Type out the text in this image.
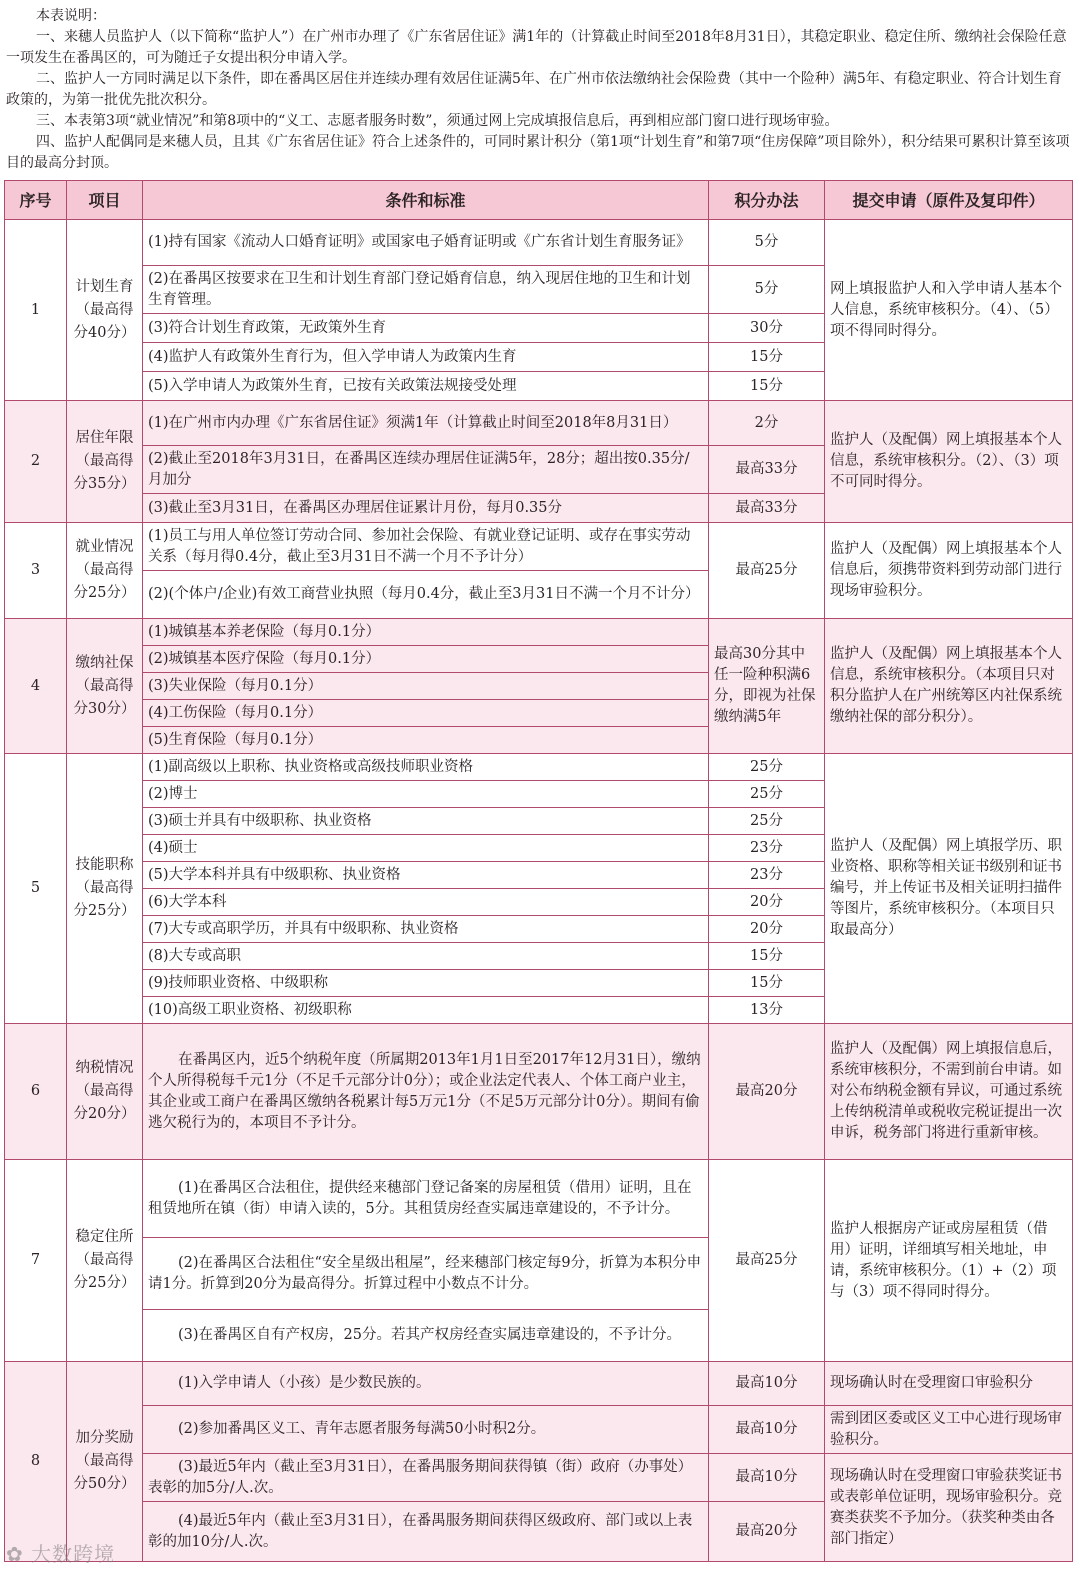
本表说明：

一、来穗人员监护人（以下简称“监护人”）在广州市办理了《广东省居住证》满1年的（计算截止时间至2018年8月31日），其稳定职业、稳定住所、缴纳社会保险任意一项发生在番禺区的，可为随迁子女提出积分申请入学。

二、监护人一方同时满足以下条件，即在番禺区居住并连续办理有效居住证满5年、在广州市依法缴纳社会保险费（其中一个险种）满5年、有稳定职业、符合计划生育政策的，为第一批优先批次积分。

三、本表第3项“就业情况”和第8项中的“义工、志愿者服务时数”，须通过网上完成填报信息后，再到相应部门窗口进行现场审验。

四、监护人配偶同是来穗人员，且其《广东省居住证》符合上述条件的，可同时累计积分（第1项“计划生育”和第7项“住房保障”项目除外），积分结果可累积计算至该项目的最高分封顶。

序号	项目	条件和标准	积分办法	提交申请（原件及复印件）
1	计划生育（最高得分40分）	(1)持有国家《流动人口婚育证明》或国家电子婚育证明或《广东省计划生育服务证》	5分	网上填报监护人和入学申请人基本个人信息，系统审核积分。（4）、（5）项不得同时得分。
		(2)在番禺区按要求在卫生和计划生育部门登记婚育信息，纳入现居住地的卫生和计划生育管理。	5分	
		(3)符合计划生育政策，无政策外生育	30分	
		(4)监护人有政策外生育行为，但入学申请人为政策内生育	15分	
		(5)入学申请人为政策外生育，已按有关政策法规接受处理	15分	
2	居住年限（最高得分35分）	(1)在广州市内办理《广东省居住证》须满1年（计算截止时间至2018年8月31日）	2分	监护人（及配偶）网上填报基本个人信息，系统审核积分。（2）、（3）项不可同时得分。
		(2)截止至2018年3月31日，在番禺区连续办理居住证满5年，28分；超出按0.35分/月加分	最高33分	
		(3)截止至3月31日，在番禺区办理居住证累计月份，每月0.35分	最高33分	
3	就业情况（最高得分25分）	(1)员工与用人单位签订劳动合同、参加社会保险、有就业登记证明、或存在事实劳动关系（每月得0.4分，截止至3月31日不满一个月不予计分）	最高25分	监护人（及配偶）网上填报基本个人信息后，须携带资料到劳动部门进行现场审验积分。
		(2)(个体户/企业)有效工商营业执照（每月0.4分，截止至3月31日不满一个月不计分）		
4	缴纳社保（最高得分30分）	(1)城镇基本养老保险（每月0.1分）	最高30分其中任一险种积满6分，即视为社保缴纳满5年	监护人（及配偶）网上填报基本个人信息，系统审核积分。（本项目只对积分监护人在广州统筹区内社保系统缴纳社保的部分积分）。
		(2)城镇基本医疗保险（每月0.1分）		
		(3)失业保险（每月0.1分）		
		(4)工伤保险（每月0.1分）		
		(5)生育保险（每月0.1分）		
5	技能职称（最高得分25分）	(1)副高级以上职称、执业资格或高级技师职业资格	25分	监护人（及配偶）网上填报学历、职业资格、职称等相关证书级别和证书编号，并上传证书及相关证明扫描件等图片，系统审核积分。（本项目只取最高分）
		(2)博士	25分	
		(3)硕士并具有中级职称、执业资格	25分	
		(4)硕士	23分	
		(5)大学本科并具有中级职称、执业资格	23分	
		(6)大学本科	20分	
		(7)大专或高职学历，并具有中级职称、执业资格	20分	
		(8)大专或高职	15分	
		(9)技师职业资格、中级职称	15分	
		(10)高级工职业资格、初级职称	13分	
6	纳税情况（最高得分20分）	在番禺区内，近5个纳税年度（所属期2013年1月1日至2017年12月31日），缴纳个人所得税每千元1分（不足千元部分计0分）；或企业法定代表人、个体工商户业主，其企业或工商户在番禺区缴纳各税累计每5万元1分（不足5万元部分计0分）。期间有偷逃欠税行为的，本项目不予计分。	最高20分	监护人（及配偶）网上填报信息后，系统审核积分，不需到前台申请。如对公布纳税金额有异议，可通过系统上传纳税清单或税收完税证提出一次申诉，税务部门将进行重新审核。
7	稳定住所（最高得分25分）	(1)在番禺区合法租住，提供经来穗部门登记备案的房屋租赁（借用）证明，且在租赁地所在镇（街）申请入读的，5分。其租赁房经查实属违章建设的，不予计分。	最高25分	监护人根据房产证或房屋租赁（借用）证明，详细填写相关地址，申请，系统审核积分。（1）+（2）项与（3）项不得同时得分。
		(2)在番禺区合法租住“安全星级出租屋”，经来穗部门核定每9分，折算为本积分申请1分。折算到20分为最高得分。折算过程中小数点不计分。		
		(3)在番禺区自有产权房，25分。若其产权房经查实属违章建设的，不予计分。		
8	加分奖励（最高得分50分）	(1)入学申请人（小孩）是少数民族的。	最高10分	现场确认时在受理窗口审验积分
		(2)参加番禺区义工、青年志愿者服务每满50小时积2分。	最高10分	需到团区委或区义工中心进行现场审验积分。
		(3)最近5年内（截止至3月31日），在番禺服务期间获得镇（街）政府（办事处）表彰的加5分/人.次。	最高10分	现场确认时在受理窗口审验获奖证书或表彰单位证明，现场审验积分。竞赛类获奖不予加分。（获奖种类由各部门指定）
		(4)最近5年内（截止至3月31日），在番禺服务期间获得区级政府、部门或以上表彰的加10分/人.次。	最高20分	
✿ 大数跨境
